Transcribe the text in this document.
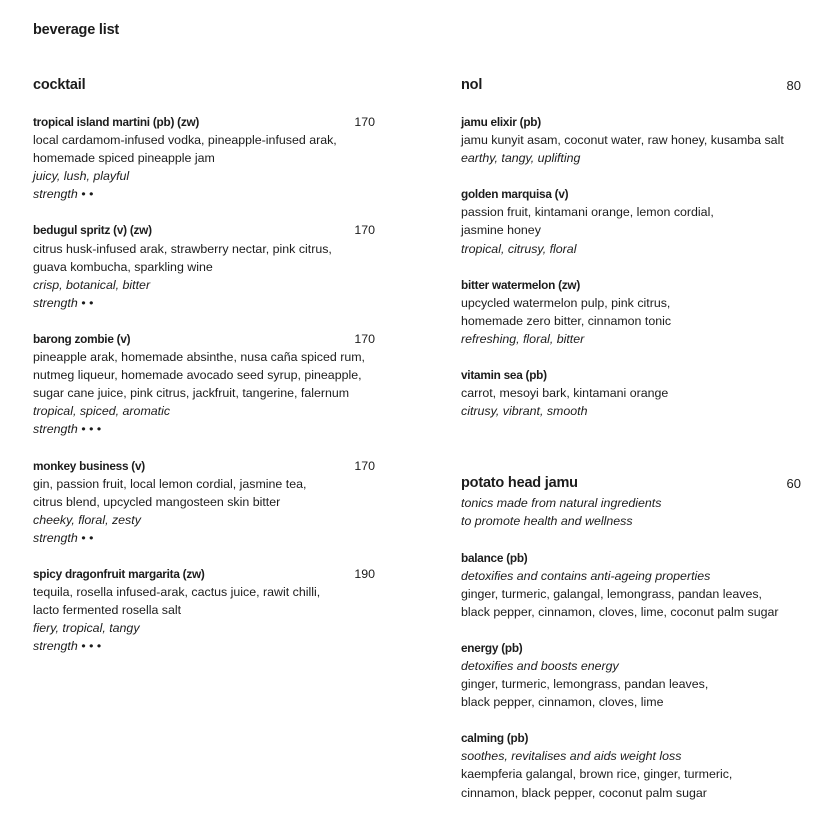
beverage list
cocktail
tropical island martini (pb) (zw)	170
local cardamom-infused vodka, pineapple-infused arak,
homemade spiced pineapple jam
juicy, lush, playful
strength • •
bedugul spritz (v) (zw)	170
citrus husk-infused arak, strawberry nectar, pink citrus,
guava kombucha, sparkling wine
crisp, botanical, bitter
strength • •
barong zombie (v)	170
pineapple arak, homemade absinthe, nusa caña spiced rum,
nutmeg liqueur, homemade avocado seed syrup, pineapple,
sugar cane juice, pink citrus, jackfruit, tangerine, falernum
tropical, spiced, aromatic
strength • • •
monkey business (v)	170
gin, passion fruit, local lemon cordial, jasmine tea,
citrus blend, upcycled mangosteen skin bitter
cheeky, floral, zesty
strength • •
spicy dragonfruit margarita (zw)	190
tequila, rosella infused-arak, cactus juice, rawit chilli,
lacto fermented rosella salt
fiery, tropical, tangy
strength • • •
nol	80
jamu elixir (pb)
jamu kunyit asam, coconut water, raw honey, kusamba salt
earthy, tangy, uplifting
golden marquisa (v)
passion fruit, kintamani orange, lemon cordial,
jasmine honey
tropical, citrusy, floral
bitter watermelon (zw)
upcycled watermelon pulp, pink citrus,
homemade zero bitter, cinnamon tonic
refreshing, floral, bitter
vitamin sea (pb)
carrot, mesoyi bark, kintamani orange
citrusy, vibrant, smooth
potato head jamu	60
tonics made from natural ingredients
to promote health and wellness
balance (pb)
detoxifies and contains anti-ageing properties
ginger, turmeric, galangal, lemongrass, pandan leaves,
black pepper, cinnamon, cloves, lime, coconut palm sugar
energy (pb)
detoxifies and boosts energy
ginger, turmeric, lemongrass, pandan leaves,
black pepper, cinnamon, cloves, lime
calming (pb)
soothes, revitalises and aids weight loss
kaempferia galangal, brown rice, ginger, turmeric,
cinnamon, black pepper, coconut palm sugar
